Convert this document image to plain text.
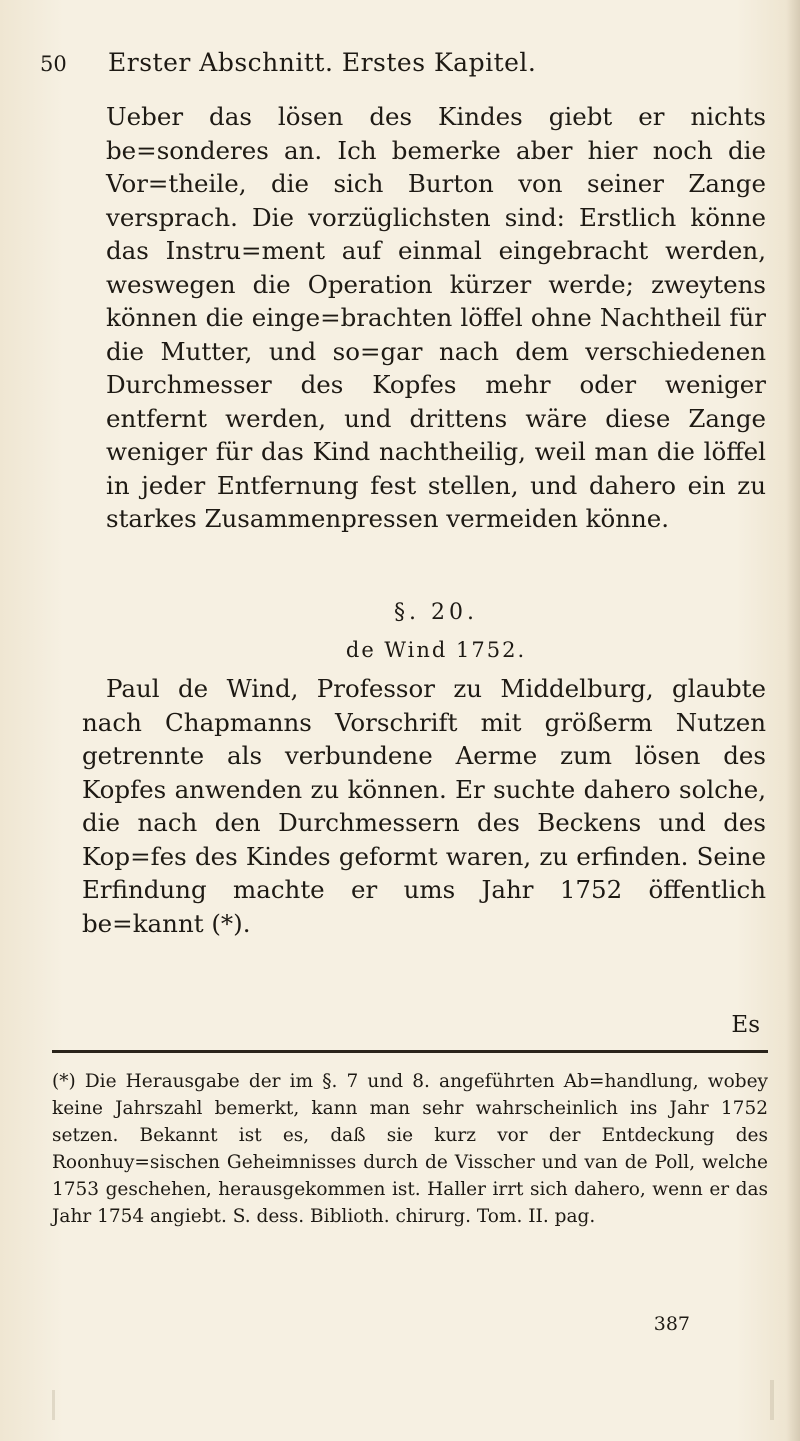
50 Erster Abschnitt. Erstes Kapitel.

Ueber das lösen des Kindes giebt er nichts be=sonderes an. Ich bemerke aber hier noch die Vor=theile, die sich Burton von seiner Zange versprach. Die vorzüglichsten sind: Erstlich könne das Instru=ment auf einmal eingebracht werden, weswegen die Operation kürzer werde; zweytens können die einge=brachten löffel ohne Nachtheil für die Mutter, und so=gar nach dem verschiedenen Durchmesser des Kopfes mehr oder weniger entfernt werden, und drittens wäre diese Zange weniger für das Kind nachtheilig, weil man die löffel in jeder Entfernung fest stellen, und dahero ein zu starkes Zusammenpressen vermeiden könne.

§. 20.
de Wind 1752.

Paul de Wind, Professor zu Middelburg, glaubte nach Chapmanns Vorschrift mit größerm Nutzen getrennte als verbundene Aerme zum lösen des Kopfes anwenden zu können. Er suchte dahero solche, die nach den Durchmessern des Beckens und des Kop=fes des Kindes geformt waren, zu erfinden. Seine Erfindung machte er ums Jahr 1752 öffentlich be=kannt (*).

Es

(*) Die Herausgabe der im §. 7 und 8. angeführten Ab=handlung, wobey keine Jahrszahl bemerkt, kann man sehr wahrscheinlich ins Jahr 1752 setzen. Bekannt ist es, daß sie kurz vor der Entdeckung des Roonhuy=sischen Geheimnisses durch de Visscher und van de Poll, welche 1753 geschehen, herausgekommen ist. Haller irrt sich dahero, wenn er das Jahr 1754 angiebt. S. dess. Biblioth. chirurg. Tom. II. pag.

387
